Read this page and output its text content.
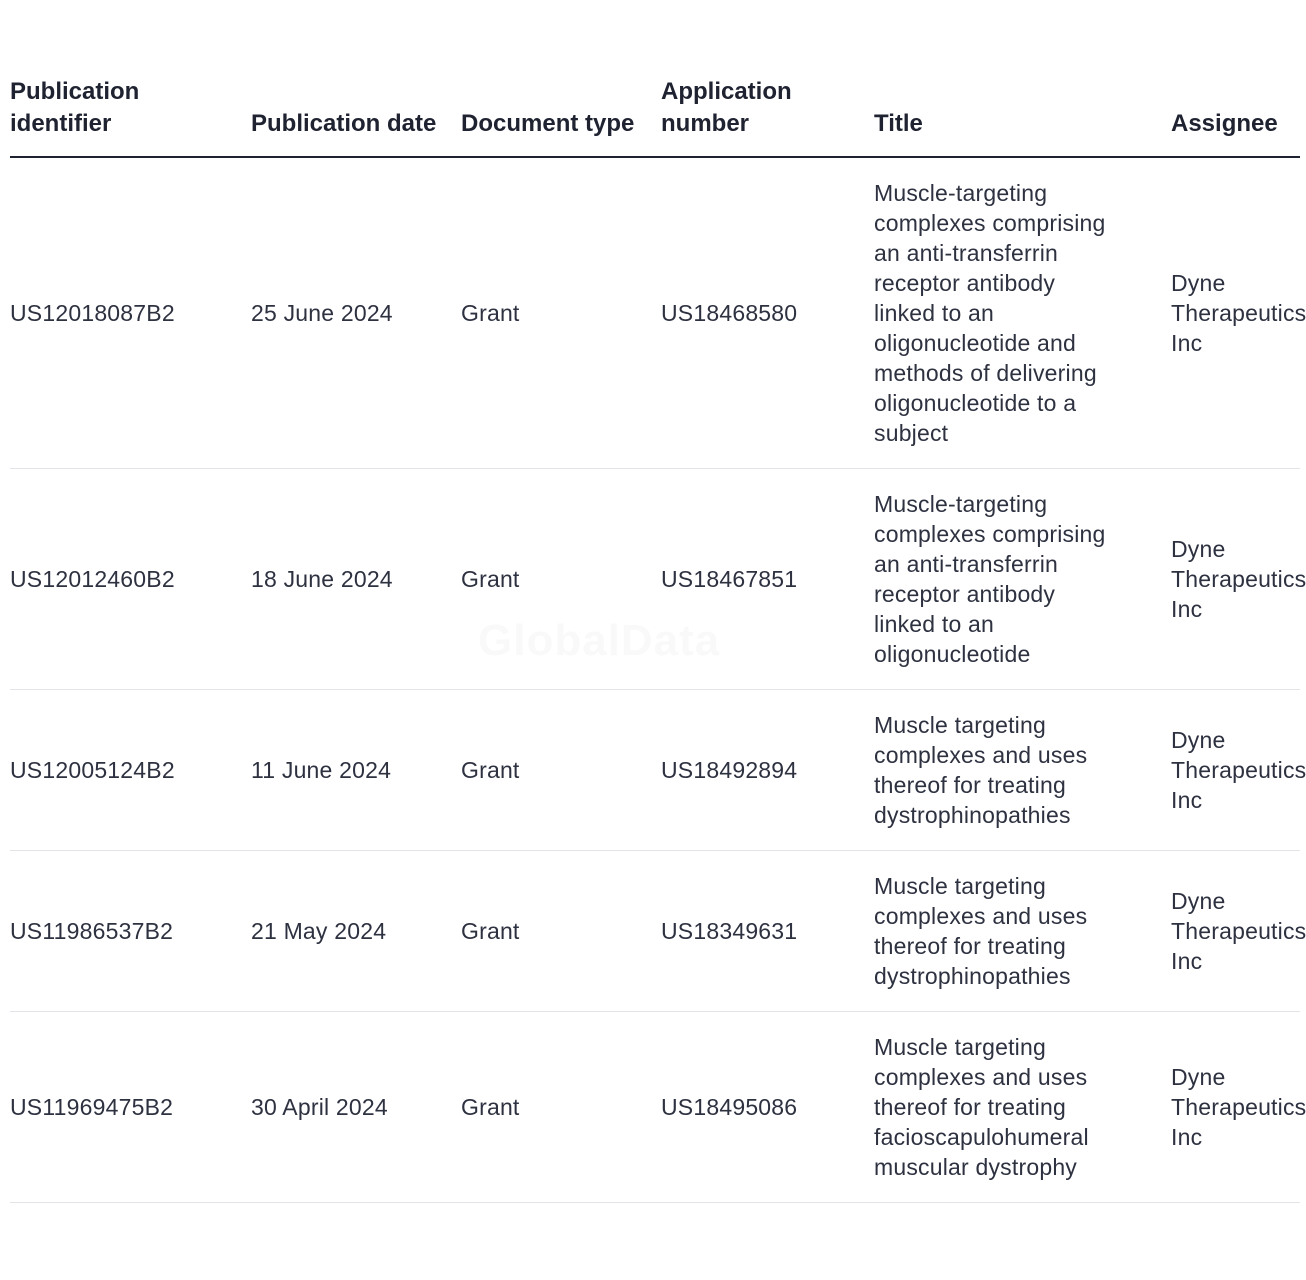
Publication identifier	Publication date	Document type	Application number	Title	Assignee
US12018087B2	25 June 2024	Grant	US18468580	Muscle-targeting complexes comprising an anti-transferrin receptor antibody linked to an oligonucleotide and methods of delivering oligonucleotide to a subject	Dyne Therapeutics Inc
US12012460B2	18 June 2024	Grant	US18467851	Muscle-targeting complexes comprising an anti-transferrin receptor antibody linked to an oligonucleotide	Dyne Therapeutics Inc
US12005124B2	11 June 2024	Grant	US18492894	Muscle targeting complexes and uses thereof for treating dystrophinopathies	Dyne Therapeutics Inc
US11986537B2	21 May 2024	Grant	US18349631	Muscle targeting complexes and uses thereof for treating dystrophinopathies	Dyne Therapeutics Inc
US11969475B2	30 April 2024	Grant	US18495086	Muscle targeting complexes and uses thereof for treating facioscapulohumeral muscular dystrophy	Dyne Therapeutics Inc
